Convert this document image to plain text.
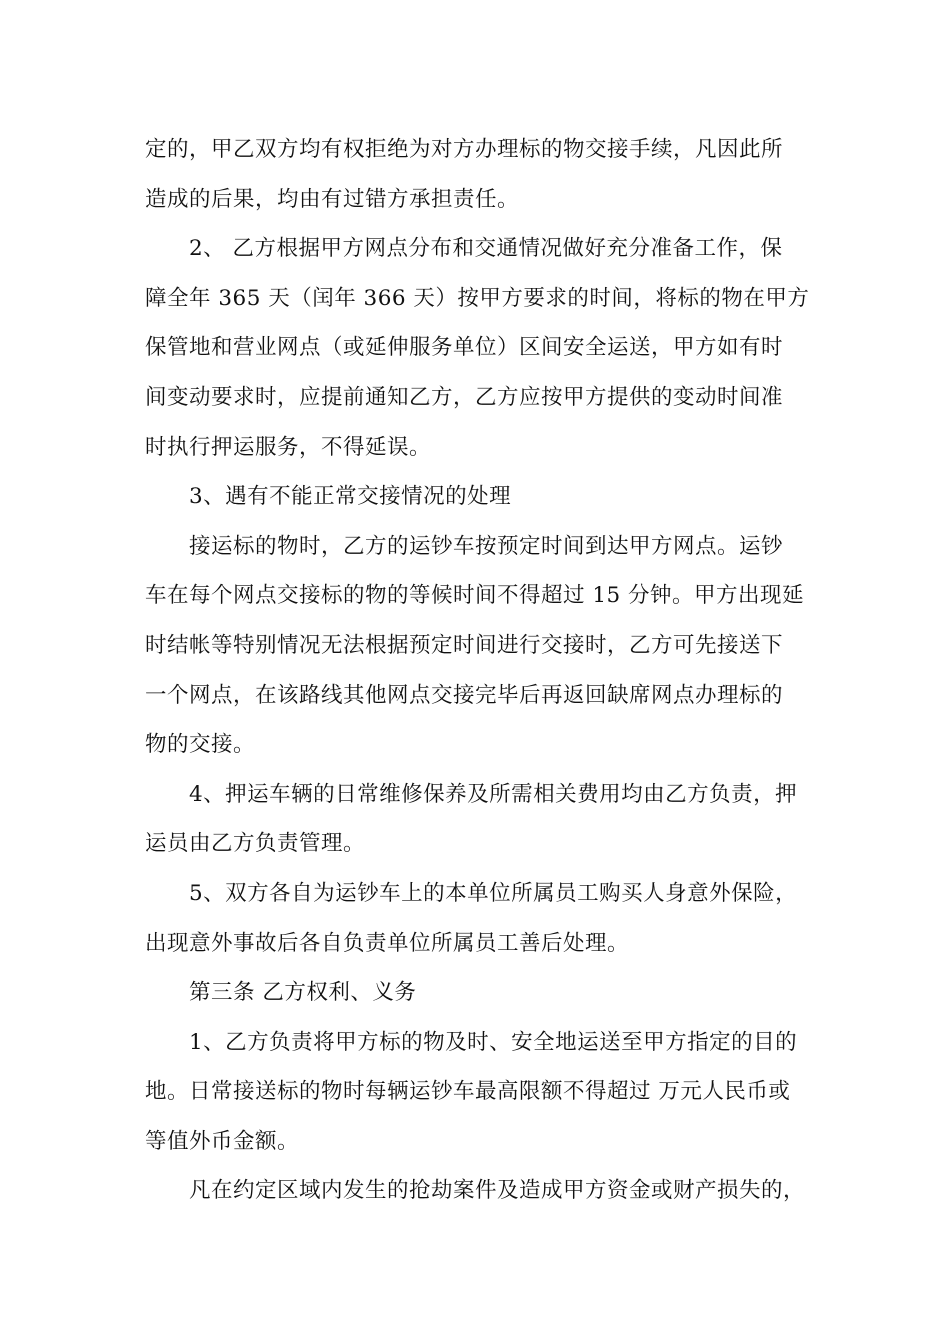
定的，甲乙双方均有权拒绝为对方办理标的物交接手续，凡因此所
造成的后果，均由有过错方承担责任。

2、 乙方根据甲方网点分布和交通情况做好充分准备工作，保
障全年 365 天（闰年 366 天）按甲方要求的时间，将标的物在甲方
保管地和营业网点（或延伸服务单位）区间安全运送，甲方如有时
间变动要求时，应提前通知乙方，乙方应按甲方提供的变动时间准
时执行押运服务，不得延误。

3、遇有不能正常交接情况的处理

接运标的物时，乙方的运钞车按预定时间到达甲方网点。运钞
车在每个网点交接标的物的等候时间不得超过 15 分钟。甲方出现延
时结帐等特别情况无法根据预定时间进行交接时，乙方可先接送下
一个网点，在该路线其他网点交接完毕后再返回缺席网点办理标的
物的交接。

4、押运车辆的日常维修保养及所需相关费用均由乙方负责，押
运员由乙方负责管理。

5、双方各自为运钞车上的本单位所属员工购买人身意外保险，
出现意外事故后各自负责单位所属员工善后处理。

第三条 乙方权利、义务

1、乙方负责将甲方标的物及时、安全地运送至甲方指定的目的
地。日常接送标的物时每辆运钞车最高限额不得超过 万元人民币或
等值外币金额。

凡在约定区域内发生的抢劫案件及造成甲方资金或财产损失的，
